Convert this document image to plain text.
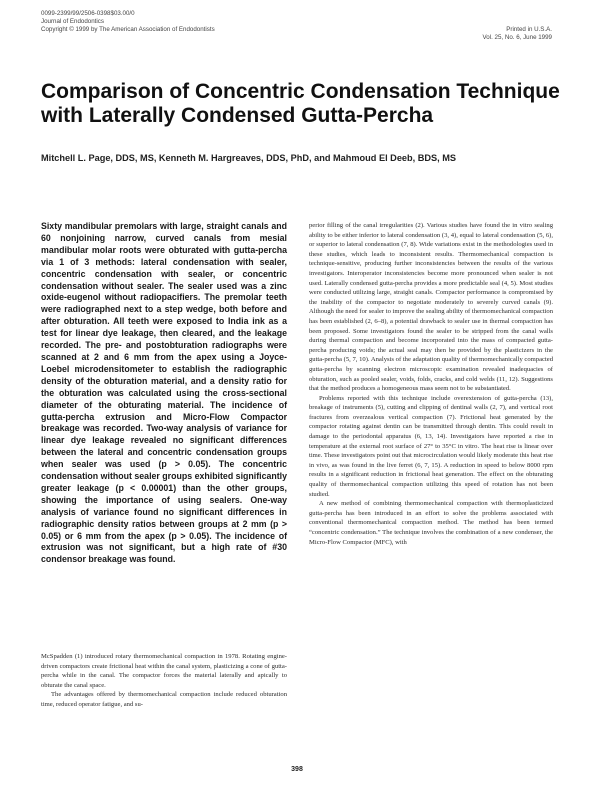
0099-2399/99/2506-0398$03.00/0
Journal of Endodontics
Copyright © 1999 by The American Association of Endodontists	Printed in U.S.A.
Vol. 25, No. 6, June 1999
Comparison of Concentric Condensation Technique with Laterally Condensed Gutta-Percha
Mitchell L. Page, DDS, MS, Kenneth M. Hargreaves, DDS, PhD, and Mahmoud El Deeb, BDS, MS

Sixty mandibular premolars with large, straight canals and 60 nonjoining narrow, curved canals from mesial mandibular molar roots were obturated with gutta-percha via 1 of 3 methods: lateral condensation with sealer, concentric condensation with sealer, or concentric condensation without sealer. The sealer used was a zinc oxide-eugenol without radiopacifiers. The premolar teeth were radiographed next to a step wedge, both before and after obturation. All teeth were exposed to India ink as a test for linear dye leakage, then cleared, and the leakage recorded. The pre- and postobturation radiographs were scanned at 2 and 6 mm from the apex using a Joyce-Loebel microdensitometer to establish the radiographic density of the obturation material, and a density ratio for the obturation was calculated using the cross-sectional diameter of the obturating material. The incidence of gutta-percha extrusion and Micro-Flow Compactor breakage was recorded. Two-way analysis of variance for linear dye leakage revealed no significant differences between the lateral and concentric condensation groups when sealer was used (p > 0.05). The concentric condensation without sealer groups exhibited significantly greater leakage (p < 0.00001) than the other groups, showing the importance of using sealers. One-way analysis of variance found no significant differences in radiographic density ratios between groups at 2 mm (p > 0.05) or 6 mm from the apex (p > 0.05). The incidence of extrusion was not significant, but a high rate of #30 condensor breakage was found.

McSpadden (1) introduced rotary thermomechanical compaction in 1978. Rotating engine-driven compactors create frictional heat within the canal system, plasticizing a cone of gutta-percha while in the canal. The compactor forces the material laterally and apically to obturate the canal space.

The advantages offered by thermomechanical compaction include reduced obturation time, reduced operator fatigue, and su-

perior filling of the canal irregularities (2). Various studies have found the in vitro sealing ability to be either inferior to lateral condensation (3, 4), equal to lateral condensation (5, 6), or superior to lateral condensation (7, 8). Wide variations exist in the methodologies used in these studies, which leads to inconsistent results. Thermomechanical compaction is technique-sensitive, producing further inconsistencies between the results of the various investigators. Interoperator inconsistencies become more pronounced when sealer is not used. Laterally condensed gutta-percha provides a more predictable seal (4, 5). Most studies were conducted utilizing large, straight canals. Compactor performance is compromised by the inability of the compactor to negotiate moderately to severely curved canals (9). Although the need for sealer to improve the sealing ability of thermomechanical compaction has been established (2, 6–8), a potential drawback to sealer use in thermal compaction has been proposed. Some investigators found the sealer to be stripped from the canal walls during thermal compaction and become incorporated into the mass of compacted gutta-percha producing voids; the actual seal may then be provided by the plasticizers in the gutta-percha (5, 7, 10). Analysis of the adaptation quality of thermomechanically compacted gutta-percha by scanning electron microscopic examination revealed inadequacies of obturation, such as pooled sealer, voids, folds, cracks, and cold welds (11, 12). Suggestions that the method produces a homogeneous mass seem not to be substantiated.

Problems reported with this technique include overextension of gutta-percha (13), breakage of instruments (5), cutting and clipping of dentinal walls (2, 7), and vertical root fractures from overzealous vertical compaction (7). Frictional heat generated by the compactor rotating against dentin can be transmitted through dentin. This could result in damage to the periodontal apparatus (6, 13, 14). Investigators have reported a rise in temperature at the external root surface of 27° to 35°C in vitro. The heat rise is linear over time. These investigators point out that microcirculation would likely moderate this heat rise in vivo, as was found in the live ferret (6, 7, 15). A reduction in speed to below 8000 rpm results in a significant reduction in frictional heat generation. The effect on the obturating quality of thermomechanical compaction utilizing this speed of rotation has not been studied.

A new method of combining thermomechanical compaction with thermoplasticized gutta-percha has been introduced in an effort to solve the problems associated with conventional thermomechanical compaction method. The method has been termed “concentric condensation.” The technique involves the combination of a new condenser, the Micro-Flow Compactor (MFC), with

398
